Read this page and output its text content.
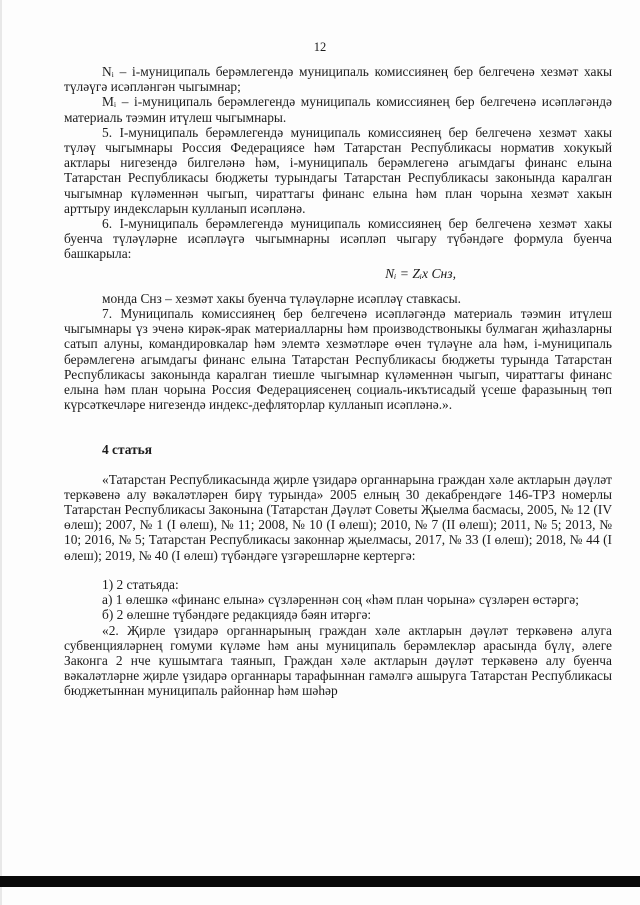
12

Nᵢ – і-муниципаль берәмлегендә муниципаль комиссиянең бер белгеченә хезмәт хакы түләүгә исәпләнгән чыгымнар;

Mᵢ – і-муниципаль берәмлегендә муниципаль комиссиянең бер белгеченә исәпләгәндә материаль тәэмин итүлеш чыгымнары.

5. І-муниципаль берәмлегендә муниципаль комиссиянең бер белгеченә хезмәт хакы түләү чыгымнары Россия Федерациясе һәм Татарстан Республикасы норматив хокукый актлары нигезендә билгеләнә һәм, і-муниципаль берәмлегенә агымдагы финанс елына Татарстан Республикасы бюджеты турындагы Татарстан Республикасы законында каралган чыгымнар күләменнән чыгып, чираттагы финанс елына һәм план чорына хезмәт хакын арттыру индексларын кулланып исәпләнә.

6. І-муниципаль берәмлегендә муниципаль комиссиянең бер белгеченә хезмәт хакы буенча түләүләрне исәпләүгә чыгымнарны исәпләп чыгару түбәндәге формула буенча башкарыла:

Nᵢ = Zᵢx Снз,

монда Снз – хезмәт хакы буенча түләүләрне исәпләү ставкасы.

7. Муниципаль комиссиянең бер белгеченә исәпләгәндә материаль тәэмин итүлеш чыгымнары үз эченә кирәк-ярак материалларны һәм производствоныкы булмаган җиһазларны сатып алуны, командировкалар һәм элемтә хезмәтләре өчен түләүне ала һәм, і-муниципаль берәмлегенә агымдагы финанс елына Татарстан Республикасы бюджеты турында Татарстан Республикасы законында каралган тиешле чыгымнар күләменнән чыгып, чираттагы финанс елына һәм план чорына Россия Федерациясенең социаль-икътисадый үсеше фаразының төп күрсәткечләре нигезендә индекс-дефляторлар кулланып исәпләнә.».

4 статья

«Татарстан Республикасында җирле үзидарә органнарына граждан хәле актларын дәүләт теркәвенә алу вәкаләтләрен бирү турында» 2005 елның 30 декабрендәге 146-ТРЗ номерлы Татарстан Республикасы Законына (Татарстан Дәүләт Советы Җыелма басмасы, 2005, № 12 (IV өлеш); 2007, № 1 (I өлеш), № 11; 2008, № 10 (I өлеш); 2010, № 7 (II өлеш); 2011, № 5; 2013, № 10; 2016, № 5; Татарстан Республикасы законнар җыелмасы, 2017, № 33 (I өлеш); 2018, № 44 (I өлеш); 2019, № 40 (I өлеш) түбәндәге үзгәрешләрне кертергә:

1) 2 статьяда:

а) 1 өлешкә «финанс елына» сүзләреннән соң «һәм план чорына» сүзләрен өстәргә;

б) 2 өлешне түбәндәге редакциядә бәян итәргә:

«2. Җирле үзидарә органнарының граждан хәле актларын дәүләт теркәвенә алуга субвенцияләрнең гомуми күләме һәм аны муниципаль берәмлекләр арасында бүлү, әлеге Законга 2 нче кушымтага таянып, Граждан хәле актларын дәүләт теркәвенә алу буенча вәкаләтләрне җирле үзидарә органнары тарафыннан гамәлгә ашыруга Татарстан Республикасы бюджетыннан муниципаль районнар һәм шәһәр
